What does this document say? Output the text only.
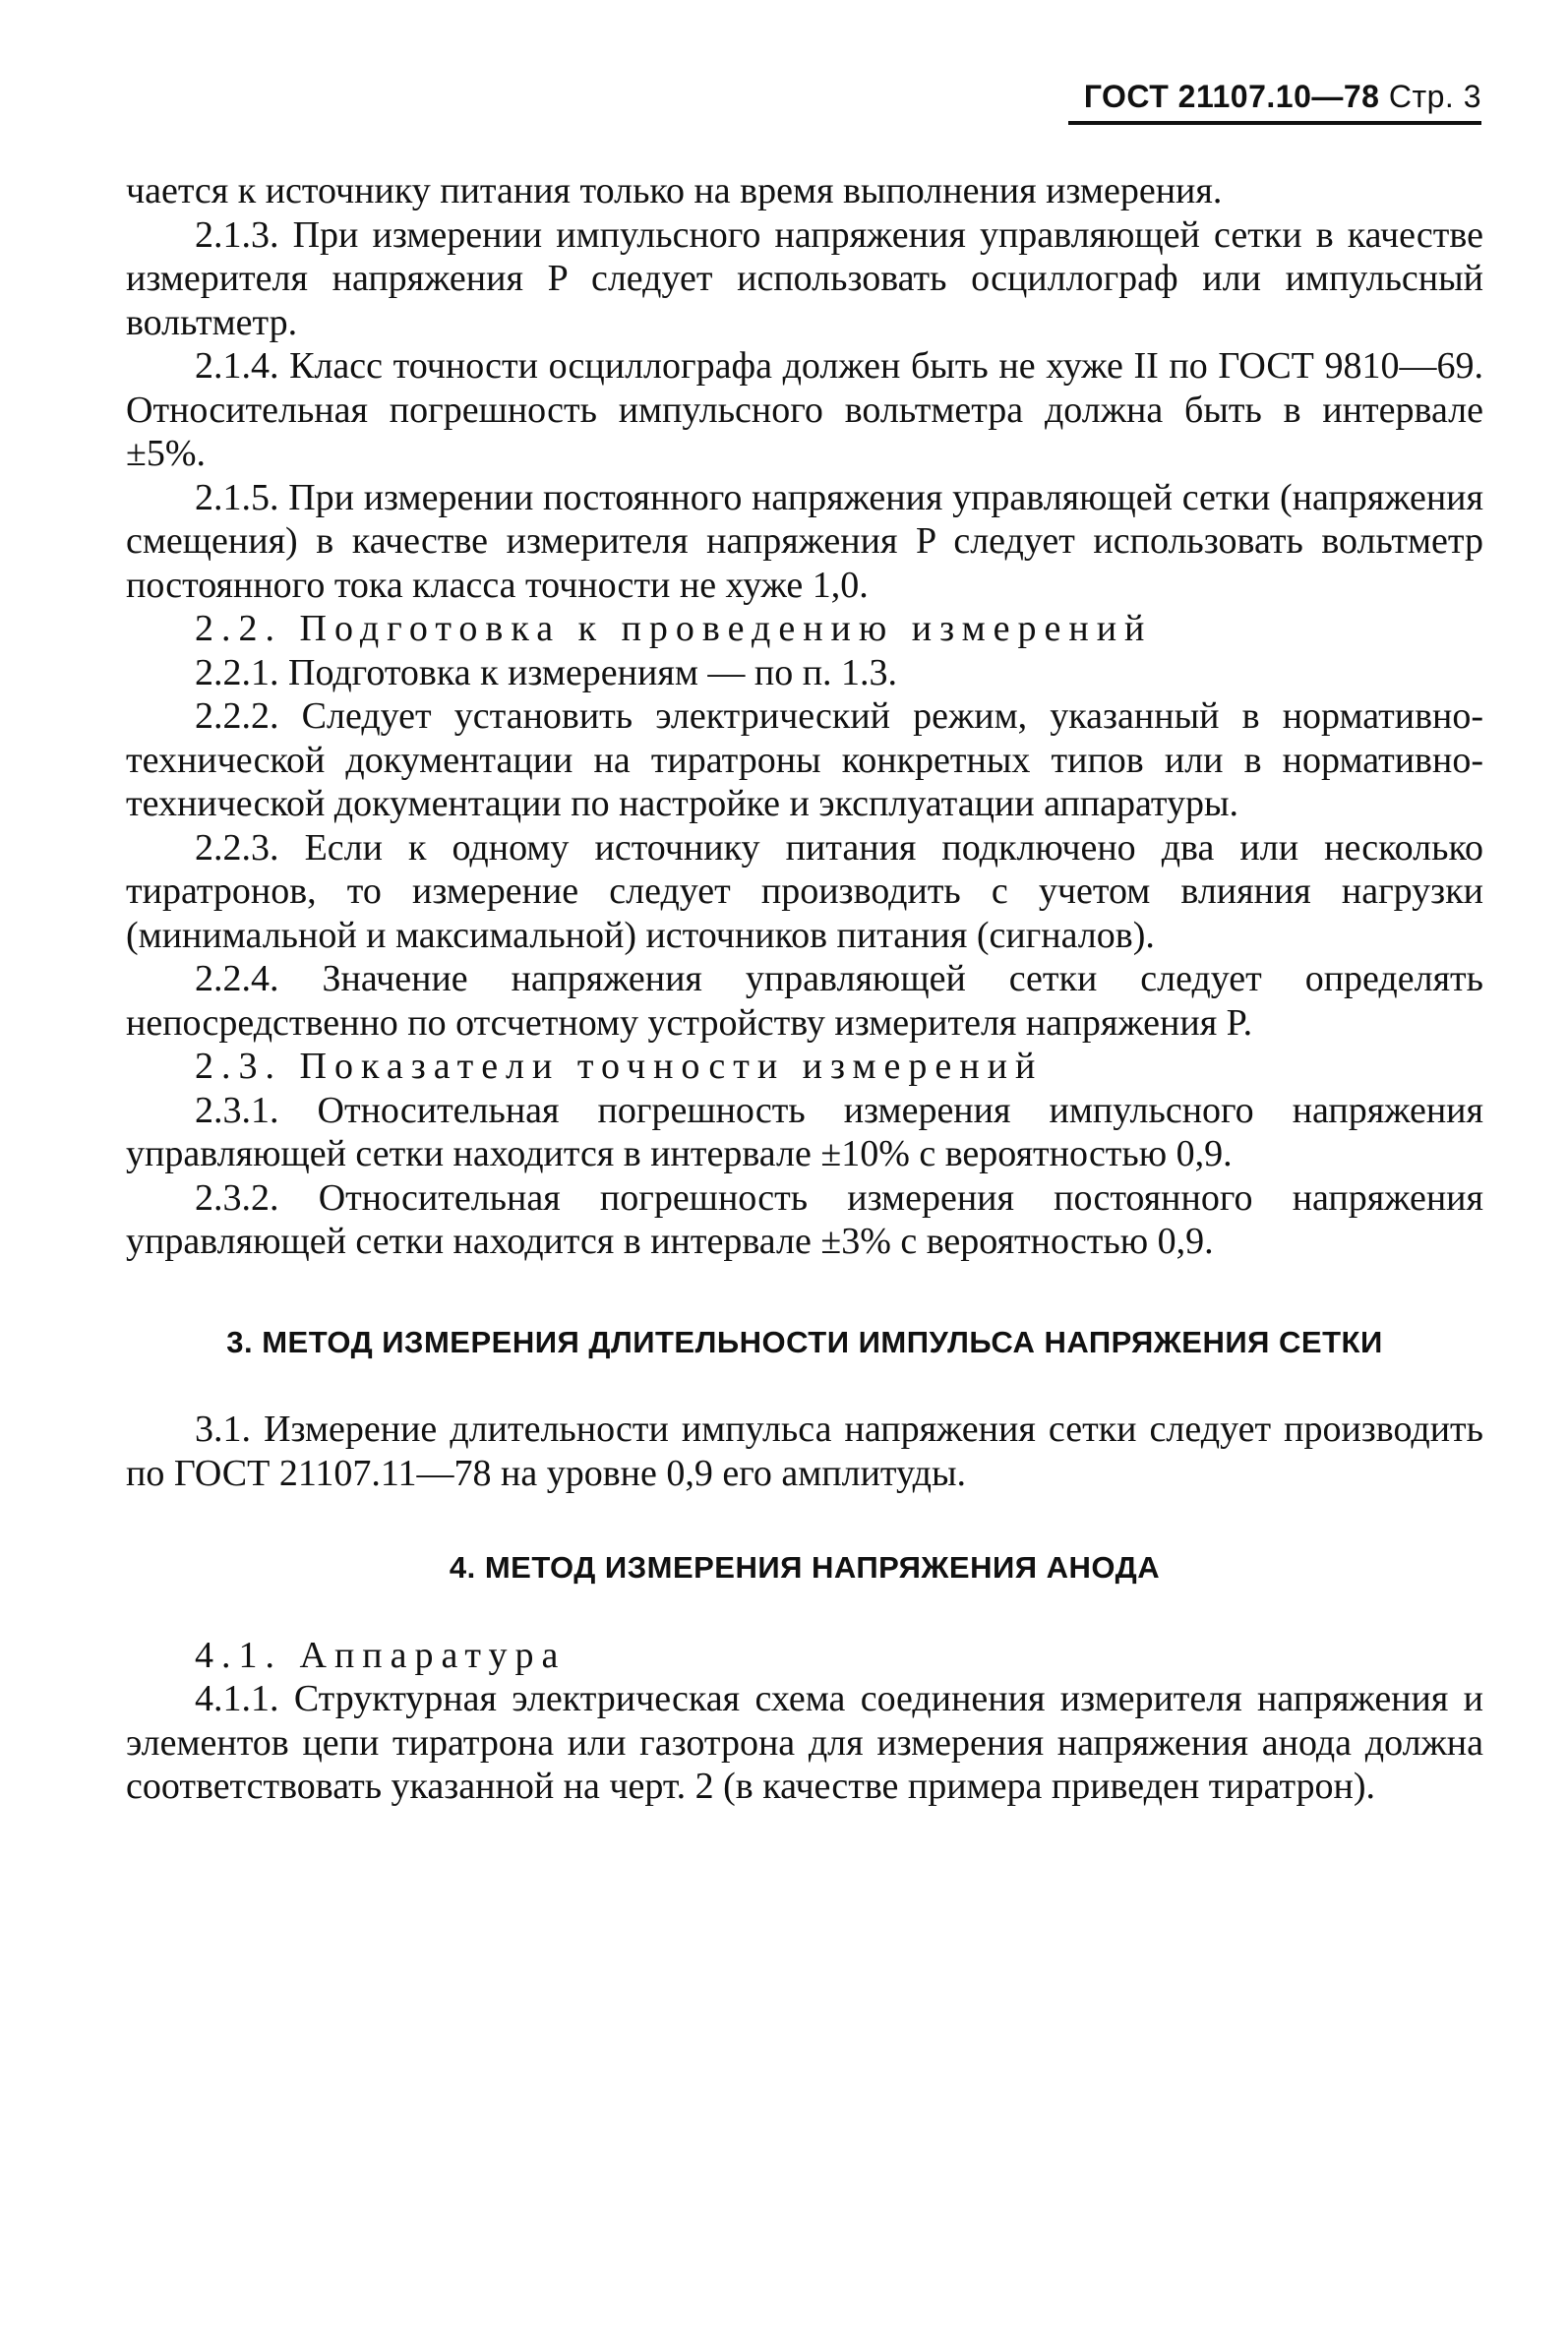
ГОСТ 21107.10—78 Стр. 3

чается к источнику питания только на время выполнения измерения.

2.1.3. При измерении импульсного напряжения управляющей сетки в качестве измерителя напряжения P следует использовать осциллограф или импульсный вольтметр.

2.1.4. Класс точности осциллографа должен быть не хуже II по ГОСТ 9810—69. Относительная погрешность импульсного вольтметра должна быть в интервале ±5%.

2.1.5. При измерении постоянного напряжения управляющей сетки (напряжения смещения) в качестве измерителя напряжения P следует использовать вольтметр постоянного тока класса точности не хуже 1,0.

2.2. Подготовка к проведению измерений

2.2.1. Подготовка к измерениям — по п. 1.3.

2.2.2. Следует установить электрический режим, указанный в нормативно-технической документации на тиратроны конкретных типов или в нормативно-технической документации по настройке и эксплуатации аппаратуры.

2.2.3. Если к одному источнику питания подключено два или несколько тиратронов, то измерение следует производить с учетом влияния нагрузки (минимальной и максимальной) источников питания (сигналов).

2.2.4. Значение напряжения управляющей сетки следует определять непосредственно по отсчетному устройству измерителя напряжения P.

2.3. Показатели точности измерений

2.3.1. Относительная погрешность измерения импульсного напряжения управляющей сетки находится в интервале ±10% с вероятностью 0,9.

2.3.2. Относительная погрешность измерения постоянного напряжения управляющей сетки находится в интервале ±3% с вероятностью 0,9.

3. МЕТОД ИЗМЕРЕНИЯ ДЛИТЕЛЬНОСТИ ИМПУЛЬСА НАПРЯЖЕНИЯ СЕТКИ

3.1. Измерение длительности импульса напряжения сетки следует производить по ГОСТ 21107.11—78 на уровне 0,9 его амплитуды.

4. МЕТОД ИЗМЕРЕНИЯ НАПРЯЖЕНИЯ АНОДА

4.1. Аппаратура

4.1.1. Структурная электрическая схема соединения измерителя напряжения и элементов цепи тиратрона или газотрона для измерения напряжения анода должна соответствовать указанной на черт. 2 (в качестве примера приведен тиратрон).
